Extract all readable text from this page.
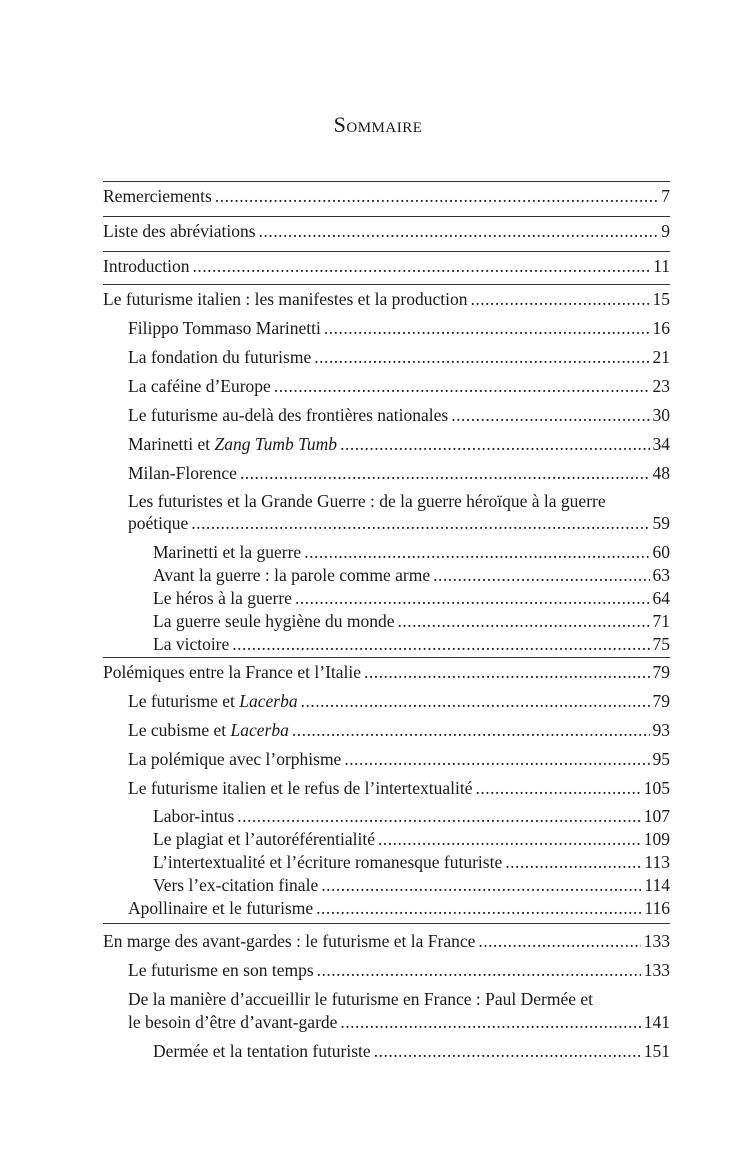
Sommaire
Remerciements .....	7
Liste des abréviations .....	9
Introduction .....	11
Le futurisme italien : les manifestes et la production .....	15
Filippo Tommaso Marinetti .....	16
La fondation du futurisme .....	21
La caféine d’Europe .....	23
Le futurisme au-delà des frontières nationales .....	30
Marinetti et Zang Tumb Tumb .....	34
Milan-Florence .....	48
Les futuristes et la Grande Guerre : de la guerre héroïque à la guerre
poétique .....	59
Marinetti et la guerre .....	60
Avant la guerre : la parole comme arme .....	63
Le héros à la guerre .....	64
La guerre seule hygiène du monde .....	71
La victoire .....	75
Polémiques entre la France et l’Italie .....	79
Le futurisme et Lacerba .....	79
Le cubisme et Lacerba .....	93
La polémique avec l’orphisme .....	95
Le futurisme italien et le refus de l’intertextualité .....	105
Labor-intus .....	107
Le plagiat et l’autoréférentialité .....	109
L’intertextualité et l’écriture romanesque futuriste .....	113
Vers l’ex-citation finale .....	114
Apollinaire et le futurisme .....	116
En marge des avant-gardes : le futurisme et la France .....	133
Le futurisme en son temps .....	133
De la manière d’accueillir le futurisme en France : Paul Dermée et
le besoin d’être d’avant-garde .....	141
Dermée et la tentation futuriste .....	151
